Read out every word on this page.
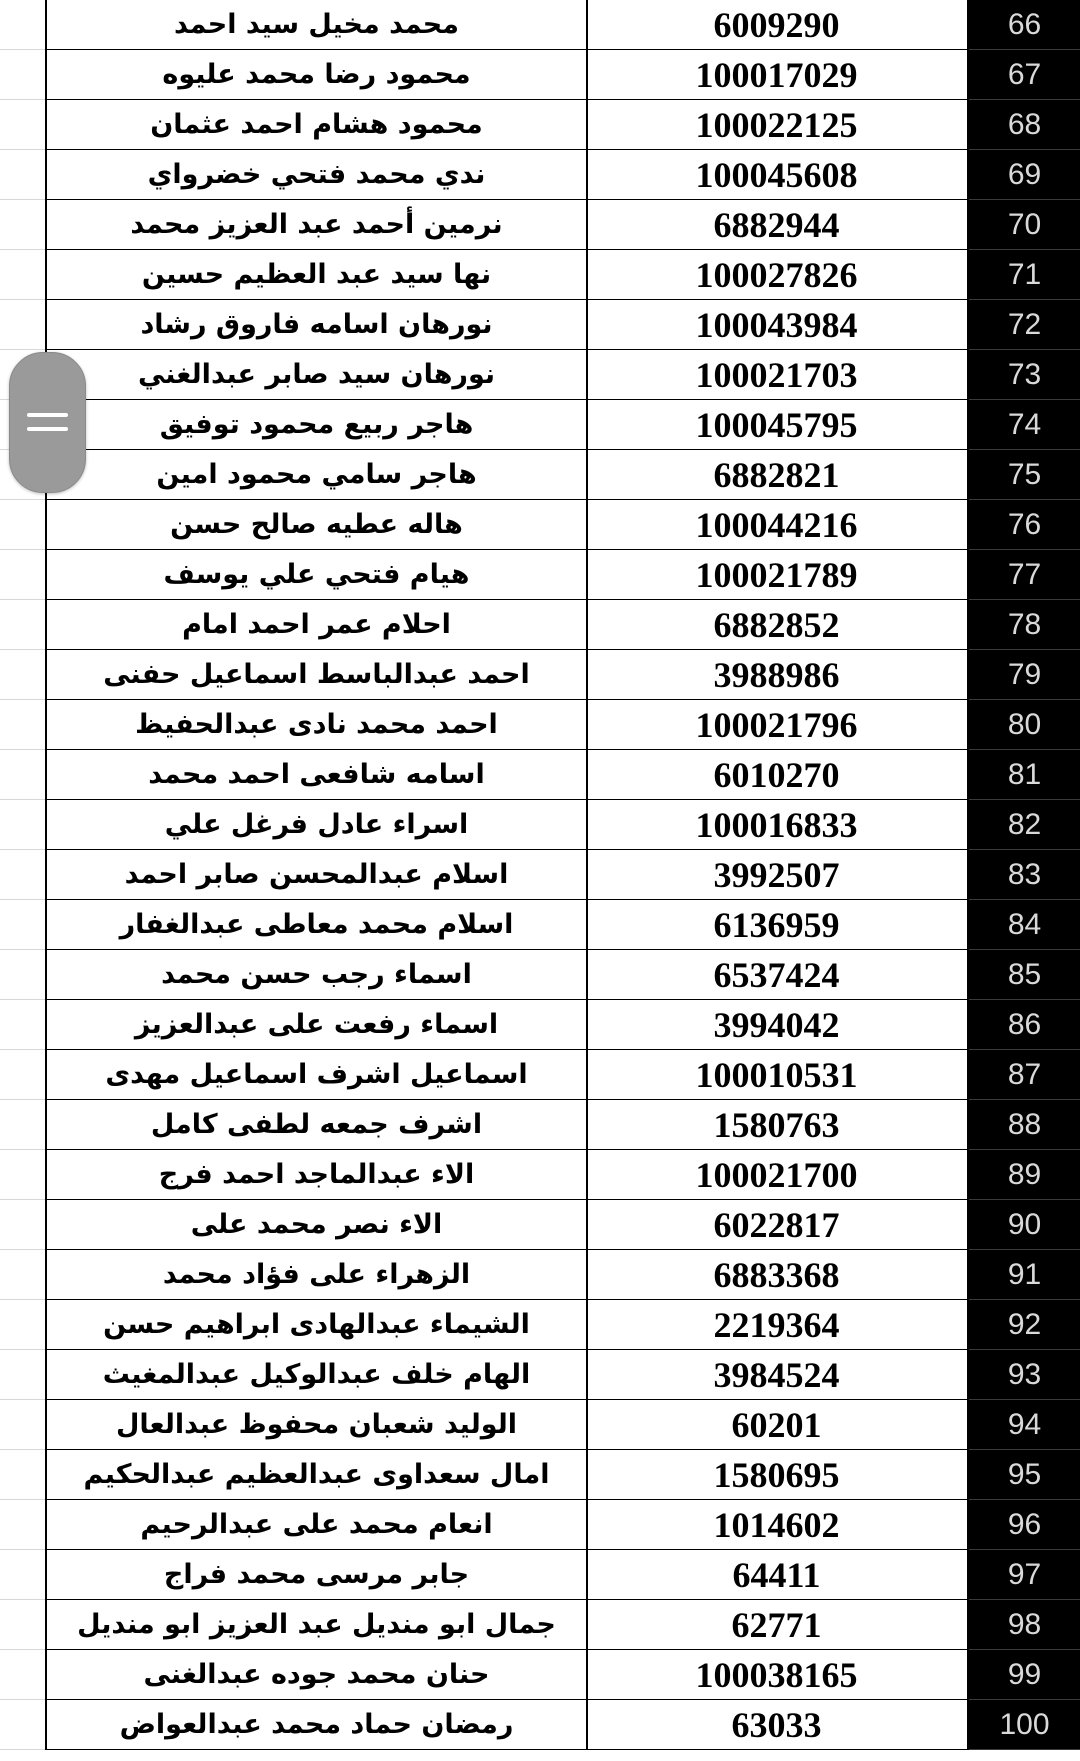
محمد مخيل سيد احمد	6009290	66
محمود رضا محمد عليوه	100017029	67
محمود هشام احمد عثمان	100022125	68
ندي محمد فتحي خضرواي	100045608	69
نرمين أحمد عبد العزيز محمد	6882944	70
نها سيد عبد العظيم حسين	100027826	71
نورهان اسامه فاروق رشاد	100043984	72
نورهان سيد صابر عبدالغني	100021703	73
هاجر ربيع محمود توفيق	100045795	74
هاجر سامي محمود امين	6882821	75
هاله عطيه صالح حسن	100044216	76
هيام فتحي علي يوسف	100021789	77
احلام عمر احمد امام	6882852	78
احمد عبدالباسط اسماعيل حفنى	3988986	79
احمد محمد نادى عبدالحفيظ	100021796	80
اسامه شافعى احمد محمد	6010270	81
اسراء عادل فرغل علي	100016833	82
اسلام عبدالمحسن صابر احمد	3992507	83
اسلام محمد معاطى عبدالغفار	6136959	84
اسماء رجب حسن محمد	6537424	85
اسماء رفعت على عبدالعزيز	3994042	86
اسماعيل اشرف اسماعيل مهدى	100010531	87
اشرف جمعه لطفى كامل	1580763	88
الاء عبدالماجد احمد فرج	100021700	89
الاء نصر محمد على	6022817	90
الزهراء على فؤاد محمد	6883368	91
الشيماء عبدالهادى ابراهيم حسن	2219364	92
الهام خلف عبدالوكيل عبدالمغيث	3984524	93
الوليد شعبان محفوظ عبدالعال	60201	94
امال سعداوى عبدالعظيم عبدالحكيم	1580695	95
انعام محمد على عبدالرحيم	1014602	96
جابر مرسى محمد فراج	64411	97
جمال ابو منديل عبد العزيز ابو منديل	62771	98
حنان محمد جوده عبدالغنى	100038165	99
رمضان حماد محمد عبدالعواض	63033	100
